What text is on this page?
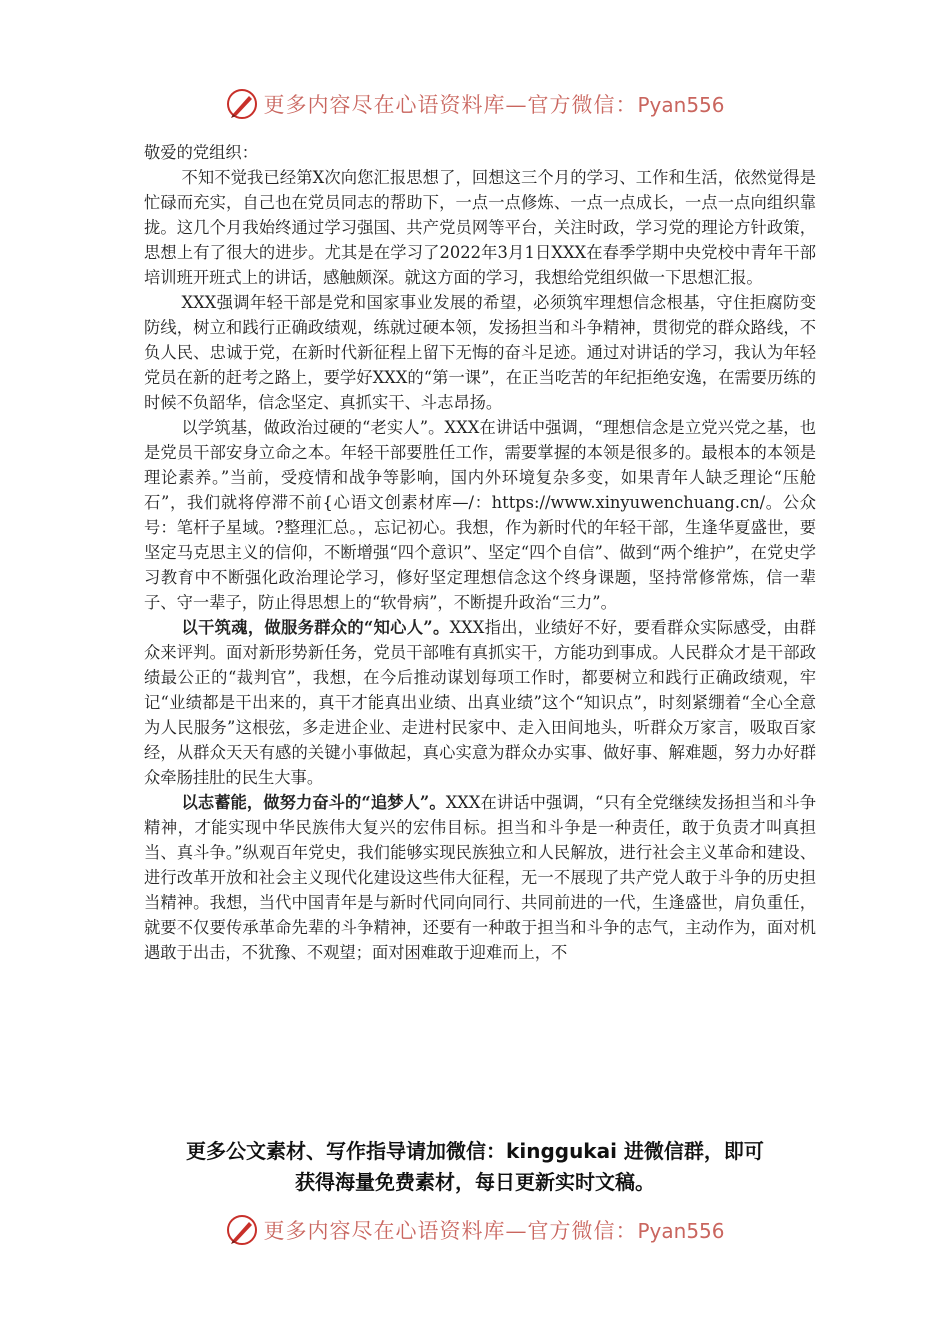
更多内容尽在心语资料库—官方微信：Pyan556

敬爱的党组织：

不知不觉我已经第X次向您汇报思想了，回想这三个月的学习、工作和生活，依然觉得是忙碌而充实，自己也在党员同志的帮助下，一点一点修炼、一点一点成长，一点一点向组织靠拢。这几个月我始终通过学习强国、共产党员网等平台，关注时政，学习党的理论方针政策，思想上有了很大的进步。尤其是在学习了2022年3月1日XXX在春季学期中央党校中青年干部培训班开班式上的讲话，感触颇深。就这方面的学习，我想给党组织做一下思想汇报。

XXX强调年轻干部是党和国家事业发展的希望，必须筑牢理想信念根基，守住拒腐防变防线，树立和践行正确政绩观，练就过硬本领，发扬担当和斗争精神，贯彻党的群众路线，不负人民、忠诚于党，在新时代新征程上留下无悔的奋斗足迹。通过对讲话的学习，我认为年轻党员在新的赶考之路上，要学好XXX的“第一课”，在正当吃苦的年纪拒绝安逸，在需要历练的时候不负韶华，信念坚定、真抓实干、斗志昂扬。

以学筑基，做政治过硬的“老实人”。XXX在讲话中强调，“理想信念是立党兴党之基，也是党员干部安身立命之本。年轻干部要胜任工作，需要掌握的本领是很多的。最根本的本领是理论素养。”当前，受疫情和战争等影响，国内外环境复杂多变，如果青年人缺乏理论“压舱石”，我们就将停滞不前{心语文创素材库—/：https://www.xinyuwenchuang.cn/。公众号：笔杆子星域。?整理汇总。，忘记初心。我想，作为新时代的年轻干部，生逢华夏盛世，要坚定马克思主义的信仰，不断增强“四个意识”、坚定“四个自信”、做到“两个维护”，在党史学习教育中不断强化政治理论学习，修好坚定理想信念这个终身课题，坚持常修常炼，信一辈子、守一辈子，防止得思想上的“软骨病”，不断提升政治“三力”。

以干筑魂，做服务群众的“知心人”。XXX指出，业绩好不好，要看群众实际感受，由群众来评判。面对新形势新任务，党员干部唯有真抓实干，方能功到事成。人民群众才是干部政绩最公正的“裁判官”，我想，在今后推动谋划每项工作时，都要树立和践行正确政绩观，牢记“业绩都是干出来的，真干才能真出业绩、出真业绩”这个“知识点”，时刻紧绷着“全心全意为人民服务”这根弦，多走进企业、走进村民家中、走入田间地头，听群众万家言，吸取百家经，从群众天天有感的关键小事做起，真心实意为群众办实事、做好事、解难题，努力办好群众牵肠挂肚的民生大事。

以志蓄能，做努力奋斗的“追梦人”。XXX在讲话中强调，“只有全党继续发扬担当和斗争精神，才能实现中华民族伟大复兴的宏伟目标。担当和斗争是一种责任，敢于负责才叫真担当、真斗争。”纵观百年党史，我们能够实现民族独立和人民解放，进行社会主义革命和建设、进行改革开放和社会主义现代化建设这些伟大征程，无一不展现了共产党人敢于斗争的历史担当精神。我想，当代中国青年是与新时代同向同行、共同前进的一代，生逢盛世，肩负重任，就要不仅要传承革命先辈的斗争精神，还要有一种敢于担当和斗争的志气，主动作为，面对机遇敢于出击，不犹豫、不观望；面对困难敢于迎难而上，不

更多公文素材、写作指导请加微信：kinggukai 进微信群，即可
获得海量免费素材，每日更新实时文稿。
更多内容尽在心语资料库—官方微信：Pyan556
